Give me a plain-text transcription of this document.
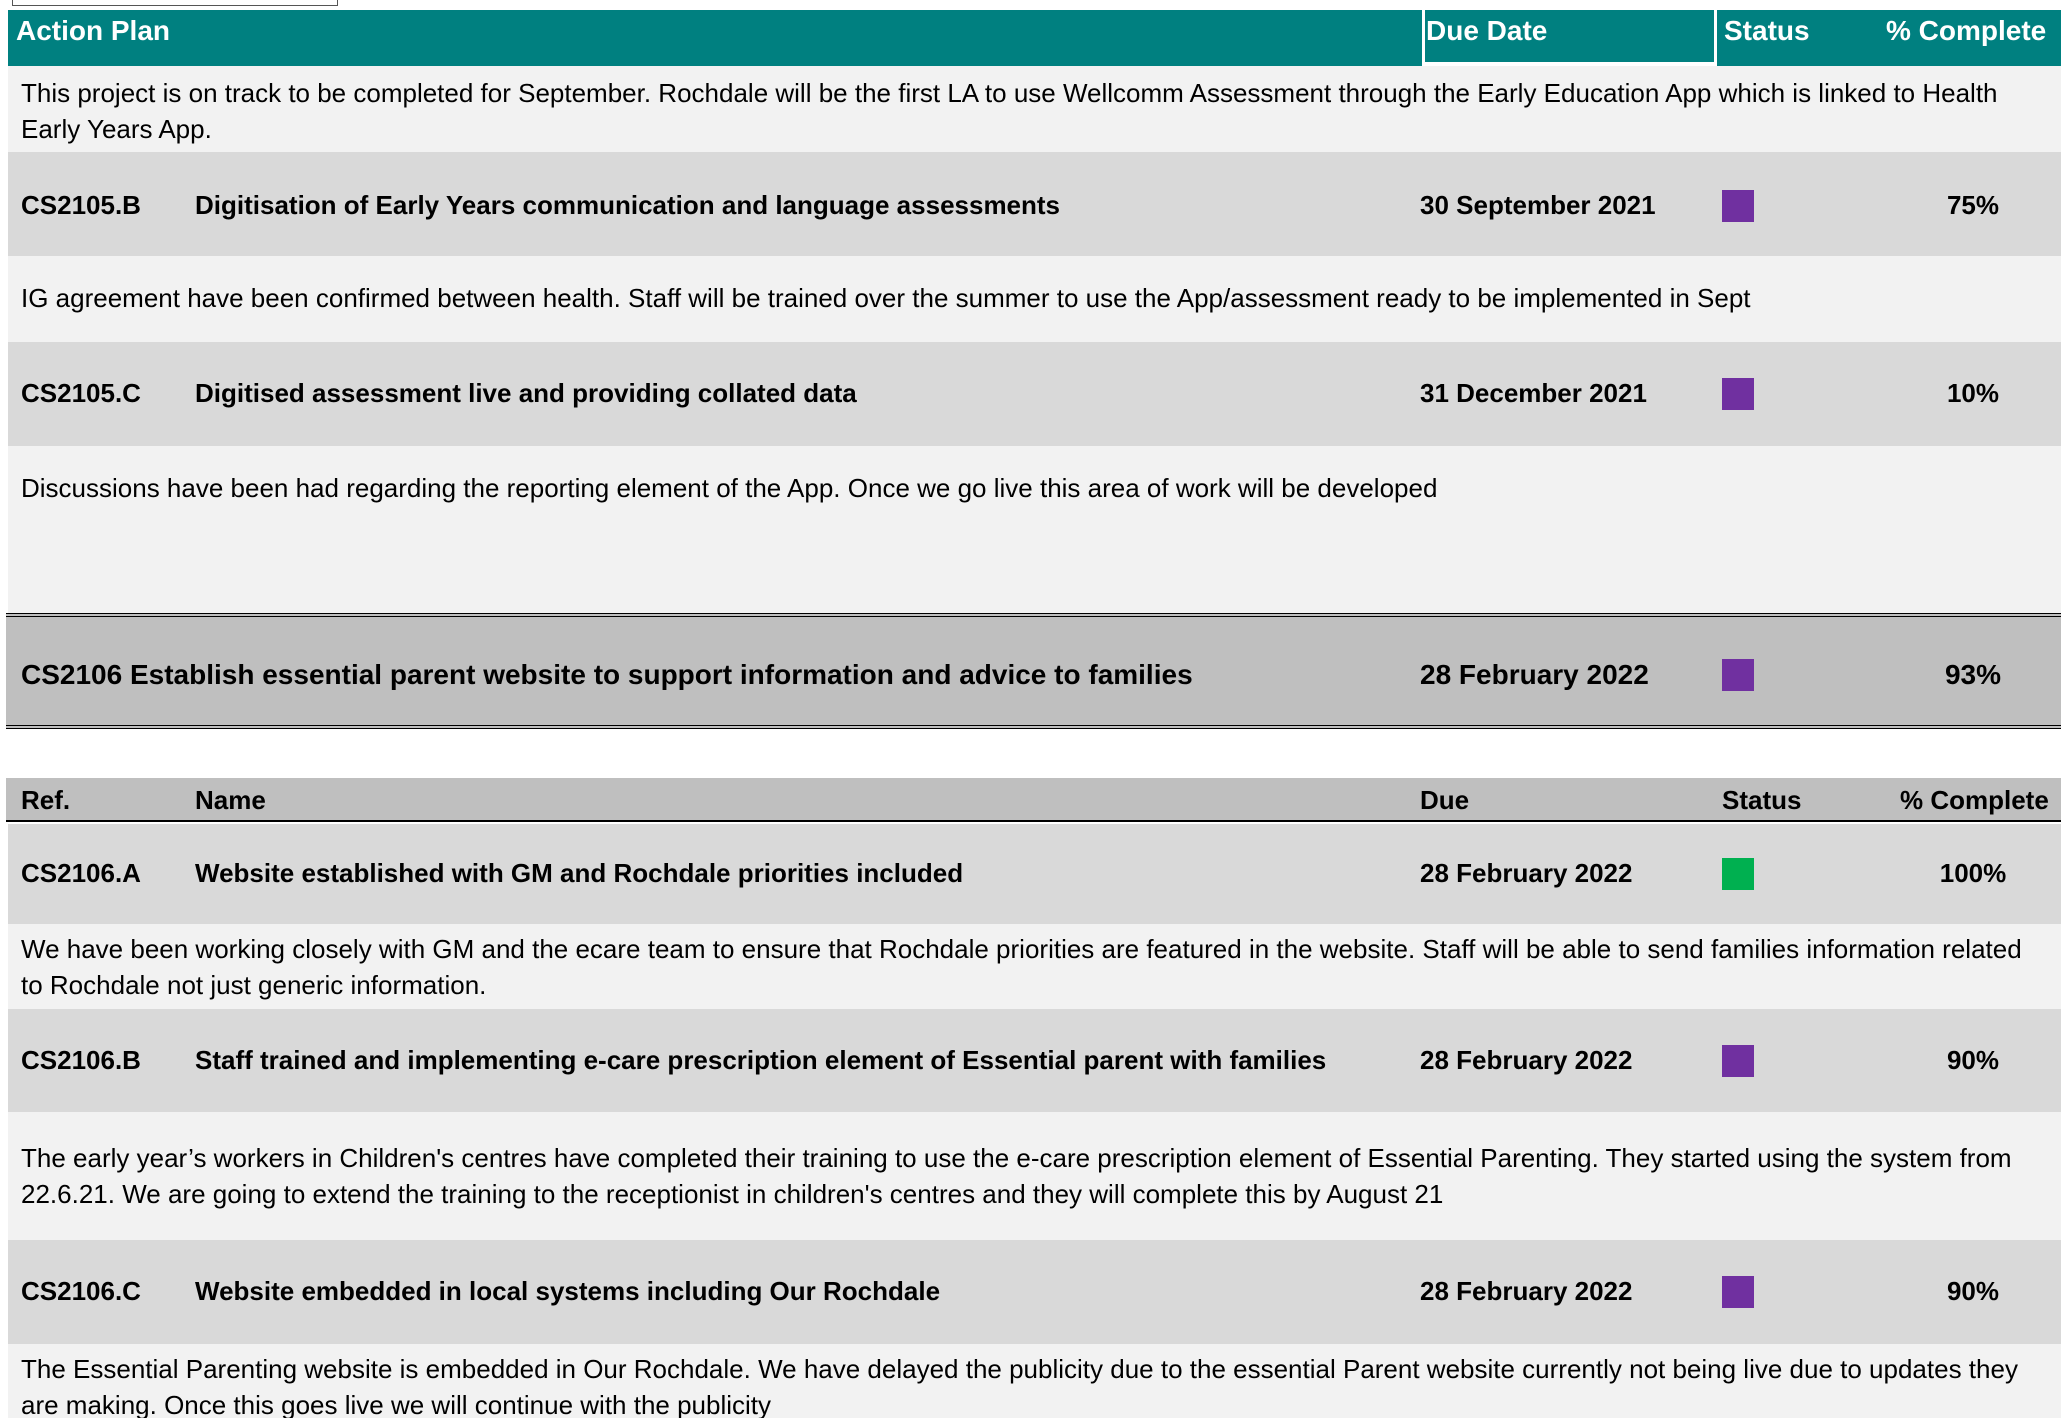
Action Plan	Due Date	Status	% Complete
This project is on track to be completed for September. Rochdale will be the first LA to use Wellcomm Assessment through the Early Education App which is linked to Health Early Years App.
CS2105.B Digitisation of Early Years communication and language assessments	30 September 2021	75%
IG agreement have been confirmed between health. Staff will be trained over the summer to use the App/assessment ready to be implemented in Sept
CS2105.C Digitised assessment live and providing collated data	31 December 2021	10%
Discussions have been had regarding the reporting element of the App. Once we go live this area of work will be developed
CS2106 Establish essential parent website to support information and advice to families	28 February 2022	93%
Ref.	Name	Due	Status	% Complete
CS2106.A Website established with GM and Rochdale priorities included	28 February 2022	100%
We have been working closely with GM and the ecare team to ensure that Rochdale priorities are featured in the website. Staff will be able to send families information related to Rochdale not just generic information.
CS2106.B Staff trained and implementing e-care prescription element of Essential parent with families	28 February 2022	90%
The early year’s workers in Children's centres have completed their training to use the e-care prescription element of Essential Parenting. They started using the system from 22.6.21. We are going to extend the training to the receptionist in children's centres and they will complete this by August 21
CS2106.C Website embedded in local systems including Our Rochdale	28 February 2022	90%
The Essential Parenting website is embedded in Our Rochdale. We have delayed the publicity due to the essential Parent website currently not being live due to updates they are making. Once this goes live we will continue with the publicity
